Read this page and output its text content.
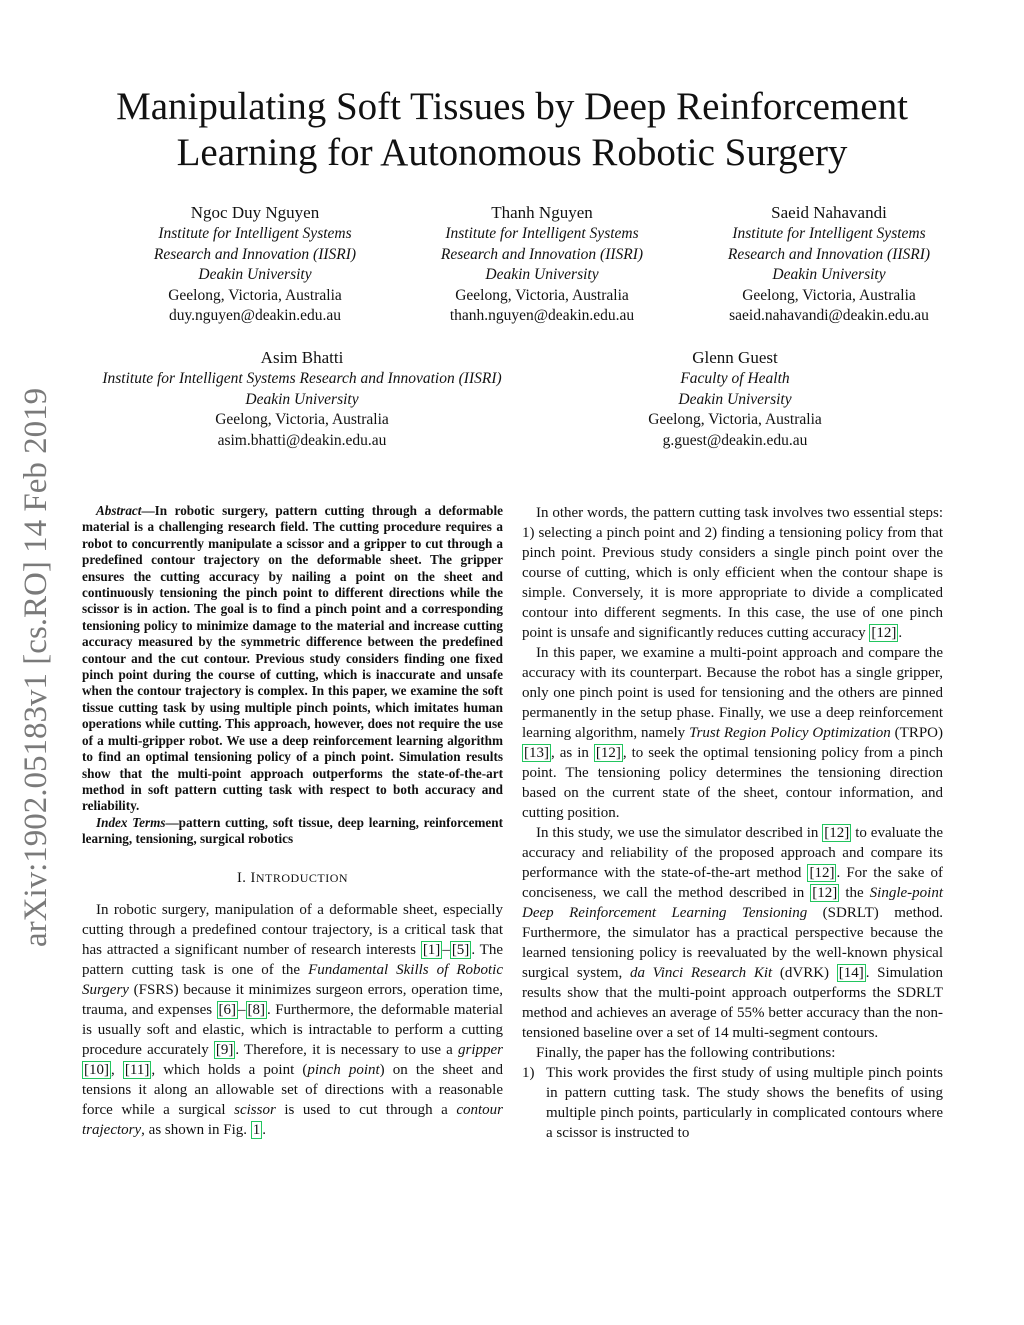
Manipulating Soft Tissues by Deep Reinforcement
Learning for Autonomous Robotic Surgery
arXiv:1902.05183v1 [cs.RO] 14 Feb 2019
Ngoc Duy Nguyen
Institute for Intelligent Systems
Research and Innovation (IISRI)
Deakin University
Geelong, Victoria, Australia
duy.nguyen@deakin.edu.au
Thanh Nguyen
Institute for Intelligent Systems
Research and Innovation (IISRI)
Deakin University
Geelong, Victoria, Australia
thanh.nguyen@deakin.edu.au
Saeid Nahavandi
Institute for Intelligent Systems
Research and Innovation (IISRI)
Deakin University
Geelong, Victoria, Australia
saeid.nahavandi@deakin.edu.au
Asim Bhatti
Institute for Intelligent Systems Research and Innovation (IISRI)
Deakin University
Geelong, Victoria, Australia
asim.bhatti@deakin.edu.au
Glenn Guest
Faculty of Health
Deakin University
Geelong, Victoria, Australia
g.guest@deakin.edu.au

Abstract—In robotic surgery, pattern cutting through a deformable material is a challenging research field. The cutting procedure requires a robot to concurrently manipulate a scissor and a gripper to cut through a predefined contour trajectory on the deformable sheet. The gripper ensures the cutting accuracy by nailing a point on the sheet and continuously tensioning the pinch point to different directions while the scissor is in action. The goal is to find a pinch point and a corresponding tensioning policy to minimize damage to the material and increase cutting accuracy measured by the symmetric difference between the predefined contour and the cut contour. Previous study considers finding one fixed pinch point during the course of cutting, which is inaccurate and unsafe when the contour trajectory is complex. In this paper, we examine the soft tissue cutting task by using multiple pinch points, which imitates human operations while cutting. This approach, however, does not require the use of a multi-gripper robot. We use a deep reinforcement learning algorithm to find an optimal tensioning policy of a pinch point. Simulation results show that the multi-point approach outperforms the state-of-the-art method in soft pattern cutting task with respect to both accuracy and reliability.

Index Terms—pattern cutting, soft tissue, deep learning, reinforcement learning, tensioning, surgical robotics

I. INTRODUCTION

In robotic surgery, manipulation of a deformable sheet, especially cutting through a predefined contour trajectory, is a critical task that has attracted a significant number of research interests [1] – [5] . The pattern cutting task is one of the Fundamental Skills of Robotic Surgery (FSRS) because it minimizes surgeon errors, operation time, trauma, and expenses [6] – [8] . Furthermore, the deformable material is usually soft and elastic, which is intractable to perform a cutting procedure accurately [9] . Therefore, it is necessary to use a gripper [10] , [11] , which holds a point (pinch point) on the sheet and tensions it along an allowable set of directions with a reasonable force while a surgical scissor is used to cut through a contour trajectory, as shown in Fig. 1 .

In other words, the pattern cutting task involves two essential steps: 1) selecting a pinch point and 2) finding a tensioning policy from that pinch point. Previous study considers a single pinch point over the course of cutting, which is only efficient when the contour shape is simple. Conversely, it is more appropriate to divide a complicated contour into different segments. In this case, the use of one pinch point is unsafe and significantly reduces cutting accuracy [12] .

In this paper, we examine a multi-point approach and compare the accuracy with its counterpart. Because the robot has a single gripper, only one pinch point is used for tensioning and the others are pinned permanently in the setup phase. Finally, we use a deep reinforcement learning algorithm, namely Trust Region Policy Optimization (TRPO) [13] , as in [12] , to seek the optimal tensioning policy from a pinch point. The tensioning policy determines the tensioning direction based on the current state of the sheet, contour information, and cutting position.

In this study, we use the simulator described in [12] to evaluate the accuracy and reliability of the proposed approach and compare its performance with the state-of-the-art method [12] . For the sake of conciseness, we call the method described in [12] the Single-point Deep Reinforcement Learning Tensioning (SDRLT) method. Furthermore, the simulator has a practical perspective because the learned tensioning policy is reevaluated by the well-known physical surgical system, da Vinci Research Kit (dVRK) [14] . Simulation results show that the multi-point approach outperforms the SDRLT method and achieves an average of 55% better accuracy than the non-tensioned baseline over a set of 14 multi-segment contours.

Finally, the paper has the following contributions:

1) This work provides the first study of using multiple pinch points in pattern cutting task. The study shows the benefits of using multiple pinch points, particularly in complicated contours where a scissor is instructed to
